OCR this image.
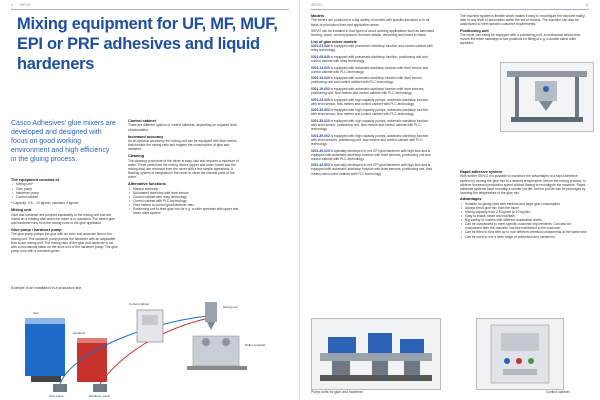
4 SIEVO
Mixing equipment for UF, MF, MUF, EPI or PRF adhesives and liquid hardeners
Casco Adhesives' glue mixers are developed and designed with focus on good working environment and high efficiency in the gluing process.
The equipment consists of
• Mixing unit*
• Glue pump
• Hardener pump
• Control cabinet

* Capacity: 2,5 – 10 kg/min, standard 4 kg/min

Mixing unit

Glue and hardener are pumped separately to the mixing unit and are mixed on a rotating disk when the mixer is in operation. The mixed glue and hardener runs from the mixing cone to the glue applicator.

Glue pump / hardener pump

The glue pump pumps the glue with an even and accurate flow to the mixing unit. The hardener pump pumps the hardener with an adjustable flow to the mixing unit. The mixing ratio of the glue and hardener is set with a mechanical stator on the drive unit of the hardener pump. The glue pump runs with a constant speed.

Control cabinet

There are different options of control cabinets, depending on required level of automation.

Increased accuracy

As an optional accessory the mixing unit can be equipped with flow meters that monitor the mixing ratio and register the consumption of glue and hardener.

Cleaning

The cleaning procedure of the mixer is easy, fast and requires a minimum of water. Three parts from the mixing device (upper and lower funnel and the mixing disc) are removed from the mixer with a few simple operations. A flushing system is integrated in the mixer to clean the internal parts of the mixer.

Alternative functions
• Manual start/stop
• Automated start/stop with level sensor
• Control cabinet with relay technology
• Control cabinet with PLC-technology
• Flow meters to control glue/hardener ratio
• Positioning unit to feed glue into for e.g. a roller spreader with upper and lower roller system
Example of an installation in a production line
Glue
Hardener
Control cabinet
Mixing unit
Roller spreader
Glue pump	Hardener pump
SIEVO	5
Models

The mixers are produced in a big variety of models with specific functions to fit all kinds of production lines and application areas.

SIEVO can be installed in that types of wood working applications such as laminated flooring, doors, curved plywood, furniture details, veneering and board to frame.

List of glue mixer models

0201-03-040 is equipped with pneumatic start/stop function and control cabinet with relay technology.

0201-09-040 is equipped with pneumatic start/stop function, positioning unit and control cabinet with relay technology.

0201-13-020 is equipped with automatic start/stop function with level sensor and control cabinet with PLC-technology.

0201-15-020 is equipped with automatic start/stop function with level sensor, positioning unit and control cabinet with PLC-technology.

0201-19-002 is equipped with automatic start/stop function with level sensors, positioning unit, flow meters and control cabinet with PLC-technology.

0201-23-020 is equipped with high capacity pumps, automatic start/stop function with level sensor, flow meters and control cabinet with PLC-technology.

0201-33-002 is equipped with high capacity pumps, automatic start/stop function with level sensor, flow meters and control cabinet with PLC-technology.

0201-35-020 is equipped with high capacity pumps, automatic start/stop function with level sensor, positioning unit, flow meters and control cabinet with PLC-technology.

0201-39-002 is equipped with high capacity pumps, automatic start/stop function with level sensors, positioning unit, flow meters and control cabinet with PLC-technology.

0201-40-020 is specially developed to mix EPI glue/hardener with high flow and is equipped with automatic start/stop function with level sensors, positioning unit and control cabinet with PLC-technology.

0201-42-002 is specially developed to mix EPI glue/hardener with high flow and is equipped with automatic start/stop function with level sensors, positioning unit, flow meters and control cabinet with PLC-technology.

The machine system is flexible which makes it easy to reconfigure the machine easily later to any level of automation within the set of models. The machine can also be customized to meet specific customer requirements.

Positioning unit

The mixer can easily be equipped with a positioning unit, a mechanical device that moves the mixer sideways to two positions for filling of e.g. a double sided roller spreader.

Rapid adhesive system

With further SIEVO it is possible to maximize the advantages of a rapid adhesive system by cooling the glue mix to a desired temperature, before the mixing process, to achieve increased production speed without having to reconfigure the machine. Rapid adhesive systems have normally a shorter pot life, but the pot life can be prolonged by lowering the temperature of the glue mix.

Advantages
• Suitable for gluing lines with medium and large glue consumption
• Always fresh glue mix from the mixer
• Mixing capacity from 2,5 kg/min to 10 kg/min
• Easy to install, clean and maintain
• Big variety of models with different automation levels
• Can be customized to meet specific customer requirements. Can also be customized after the machine has been delivered to the customer
• Can be fitted to flow with up to four different chemical components at the same time
• Can be used to mix a wide range of adhesives and hardeners
Pump units for glue and hardener	Control cabinet
